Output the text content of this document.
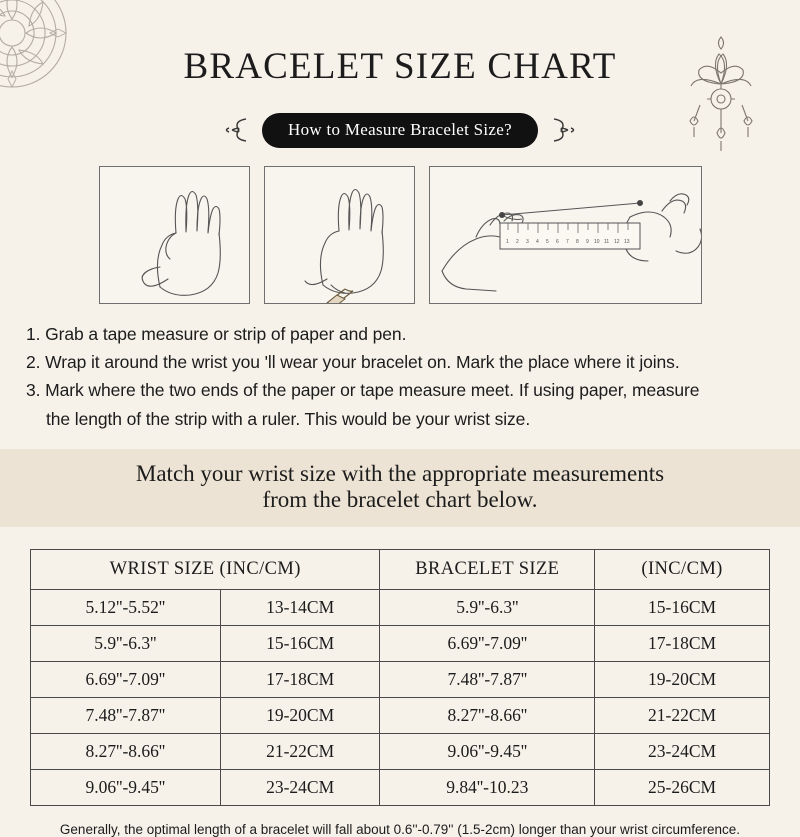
BRACELET SIZE CHART
How to Measure Bracelet Size?
1 2 3 4 5 6 7 8 9 10 11 12 13
1. Grab a tape measure or strip of paper and pen.
2. Wrap it around the wrist you 'll wear your bracelet on. Mark the place where it joins.
3. Mark where the two ends of the paper or tape measure meet. If using paper, measure
the length of the strip with a ruler. This would be your wrist size.
Match your wrist size with the appropriate measurements
from the bracelet chart below.
WRIST SIZE (INC/CM)		BRACELET SIZE	(INC/CM)
5.12''-5.52''	13-14CM	5.9''-6.3''	15-16CM
5.9''-6.3''	15-16CM	6.69''-7.09''	17-18CM
6.69''-7.09''	17-18CM	7.48''-7.87''	19-20CM
7.48''-7.87''	19-20CM	8.27''-8.66''	21-22CM
8.27''-8.66''	21-22CM	9.06''-9.45''	23-24CM
9.06''-9.45''	23-24CM	9.84''-10.23	25-26CM
Generally, the optimal length of a bracelet will fall about 0.6''-0.79'' (1.5-2cm) longer than your wrist circumference.
